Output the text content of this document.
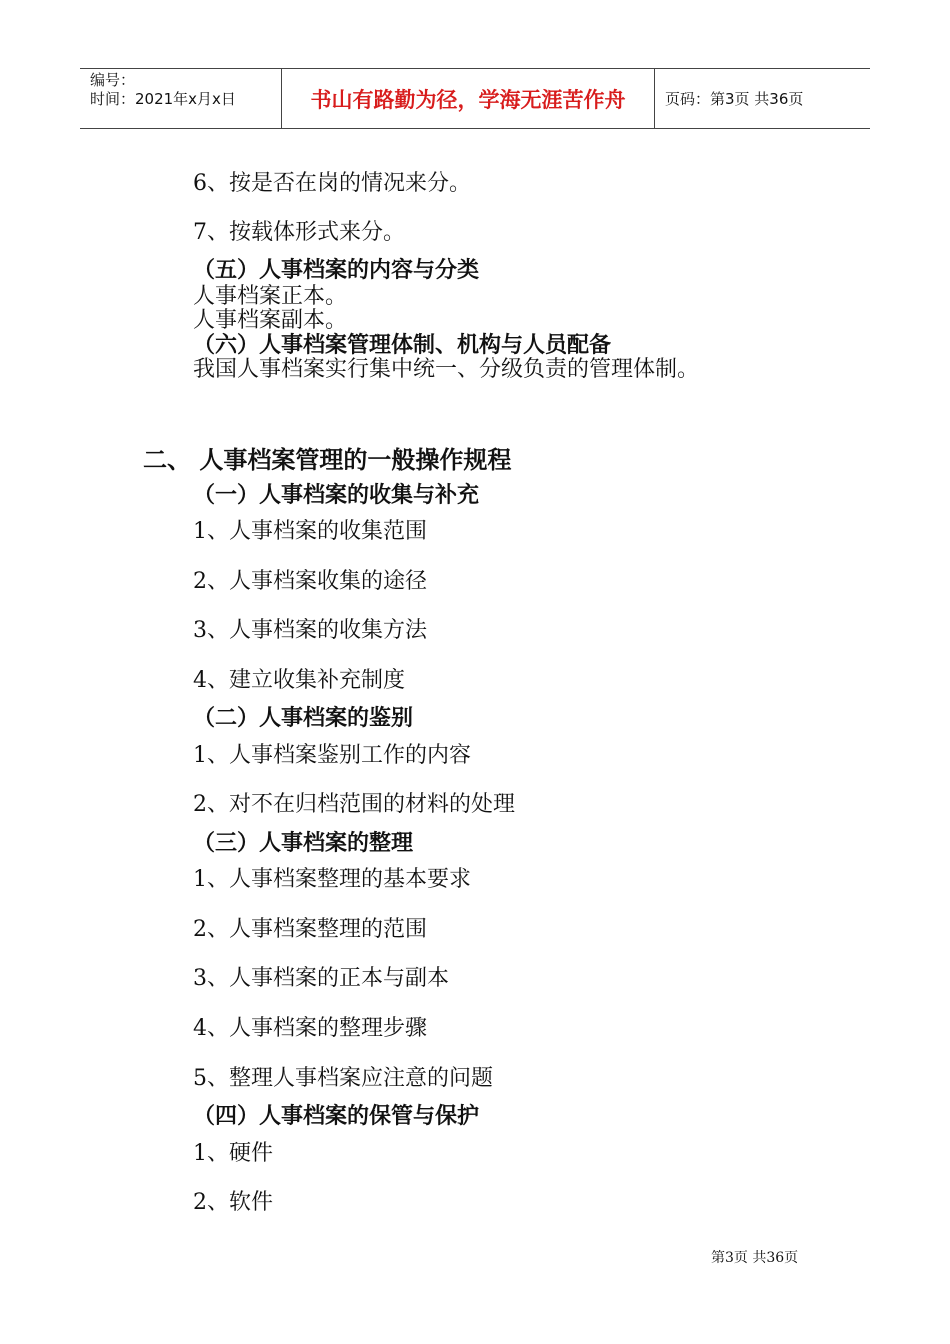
编号：
时间：2021年x月x日	书山有路勤为径，学海无涯苦作舟	页码：第3页 共36页
6、按是否在岗的情况来分。
7、按载体形式来分。
（五）人事档案的内容与分类
人事档案正本。
人事档案副本。
（六）人事档案管理体制、机构与人员配备
我国人事档案实行集中统一、分级负责的管理体制。
二、 人事档案管理的一般操作规程
（一）人事档案的收集与补充
1、人事档案的收集范围
2、人事档案收集的途径
3、人事档案的收集方法
4、建立收集补充制度
（二）人事档案的鉴别
1、人事档案鉴别工作的内容
2、对不在归档范围的材料的处理
（三）人事档案的整理
1、人事档案整理的基本要求
2、人事档案整理的范围
3、人事档案的正本与副本
4、人事档案的整理步骤
5、整理人事档案应注意的问题
（四）人事档案的保管与保护
1、硬件
2、软件
第3页 共36页
